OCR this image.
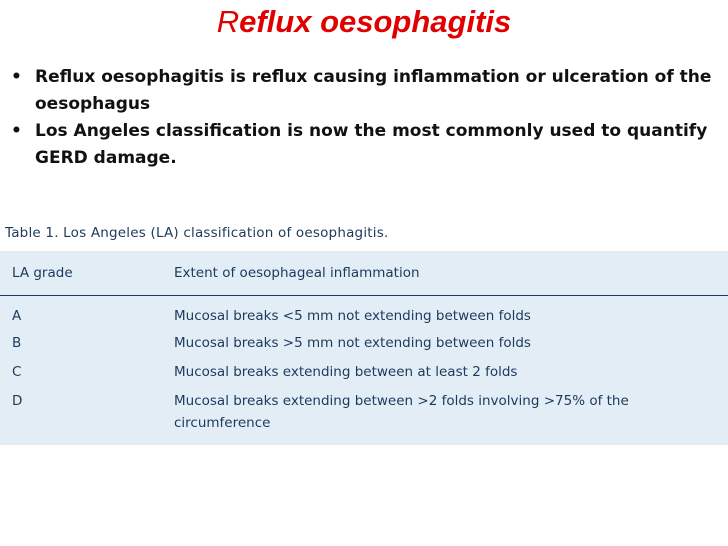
Reflux oesophagitis
• Reflux oesophagitis is reflux causing inflammation or ulceration of the oesophagus
• Los Angeles classification is now the most commonly used to quantify GERD damage.
Table 1. Los Angeles (LA) classification of oesophagitis.
LA grade	Extent of oesophageal inflammation
A	Mucosal breaks <5 mm not extending between folds
B	Mucosal breaks >5 mm not extending between folds
C	Mucosal breaks extending between at least 2 folds
D	Mucosal breaks extending between >2 folds involving >75% of the circumference
